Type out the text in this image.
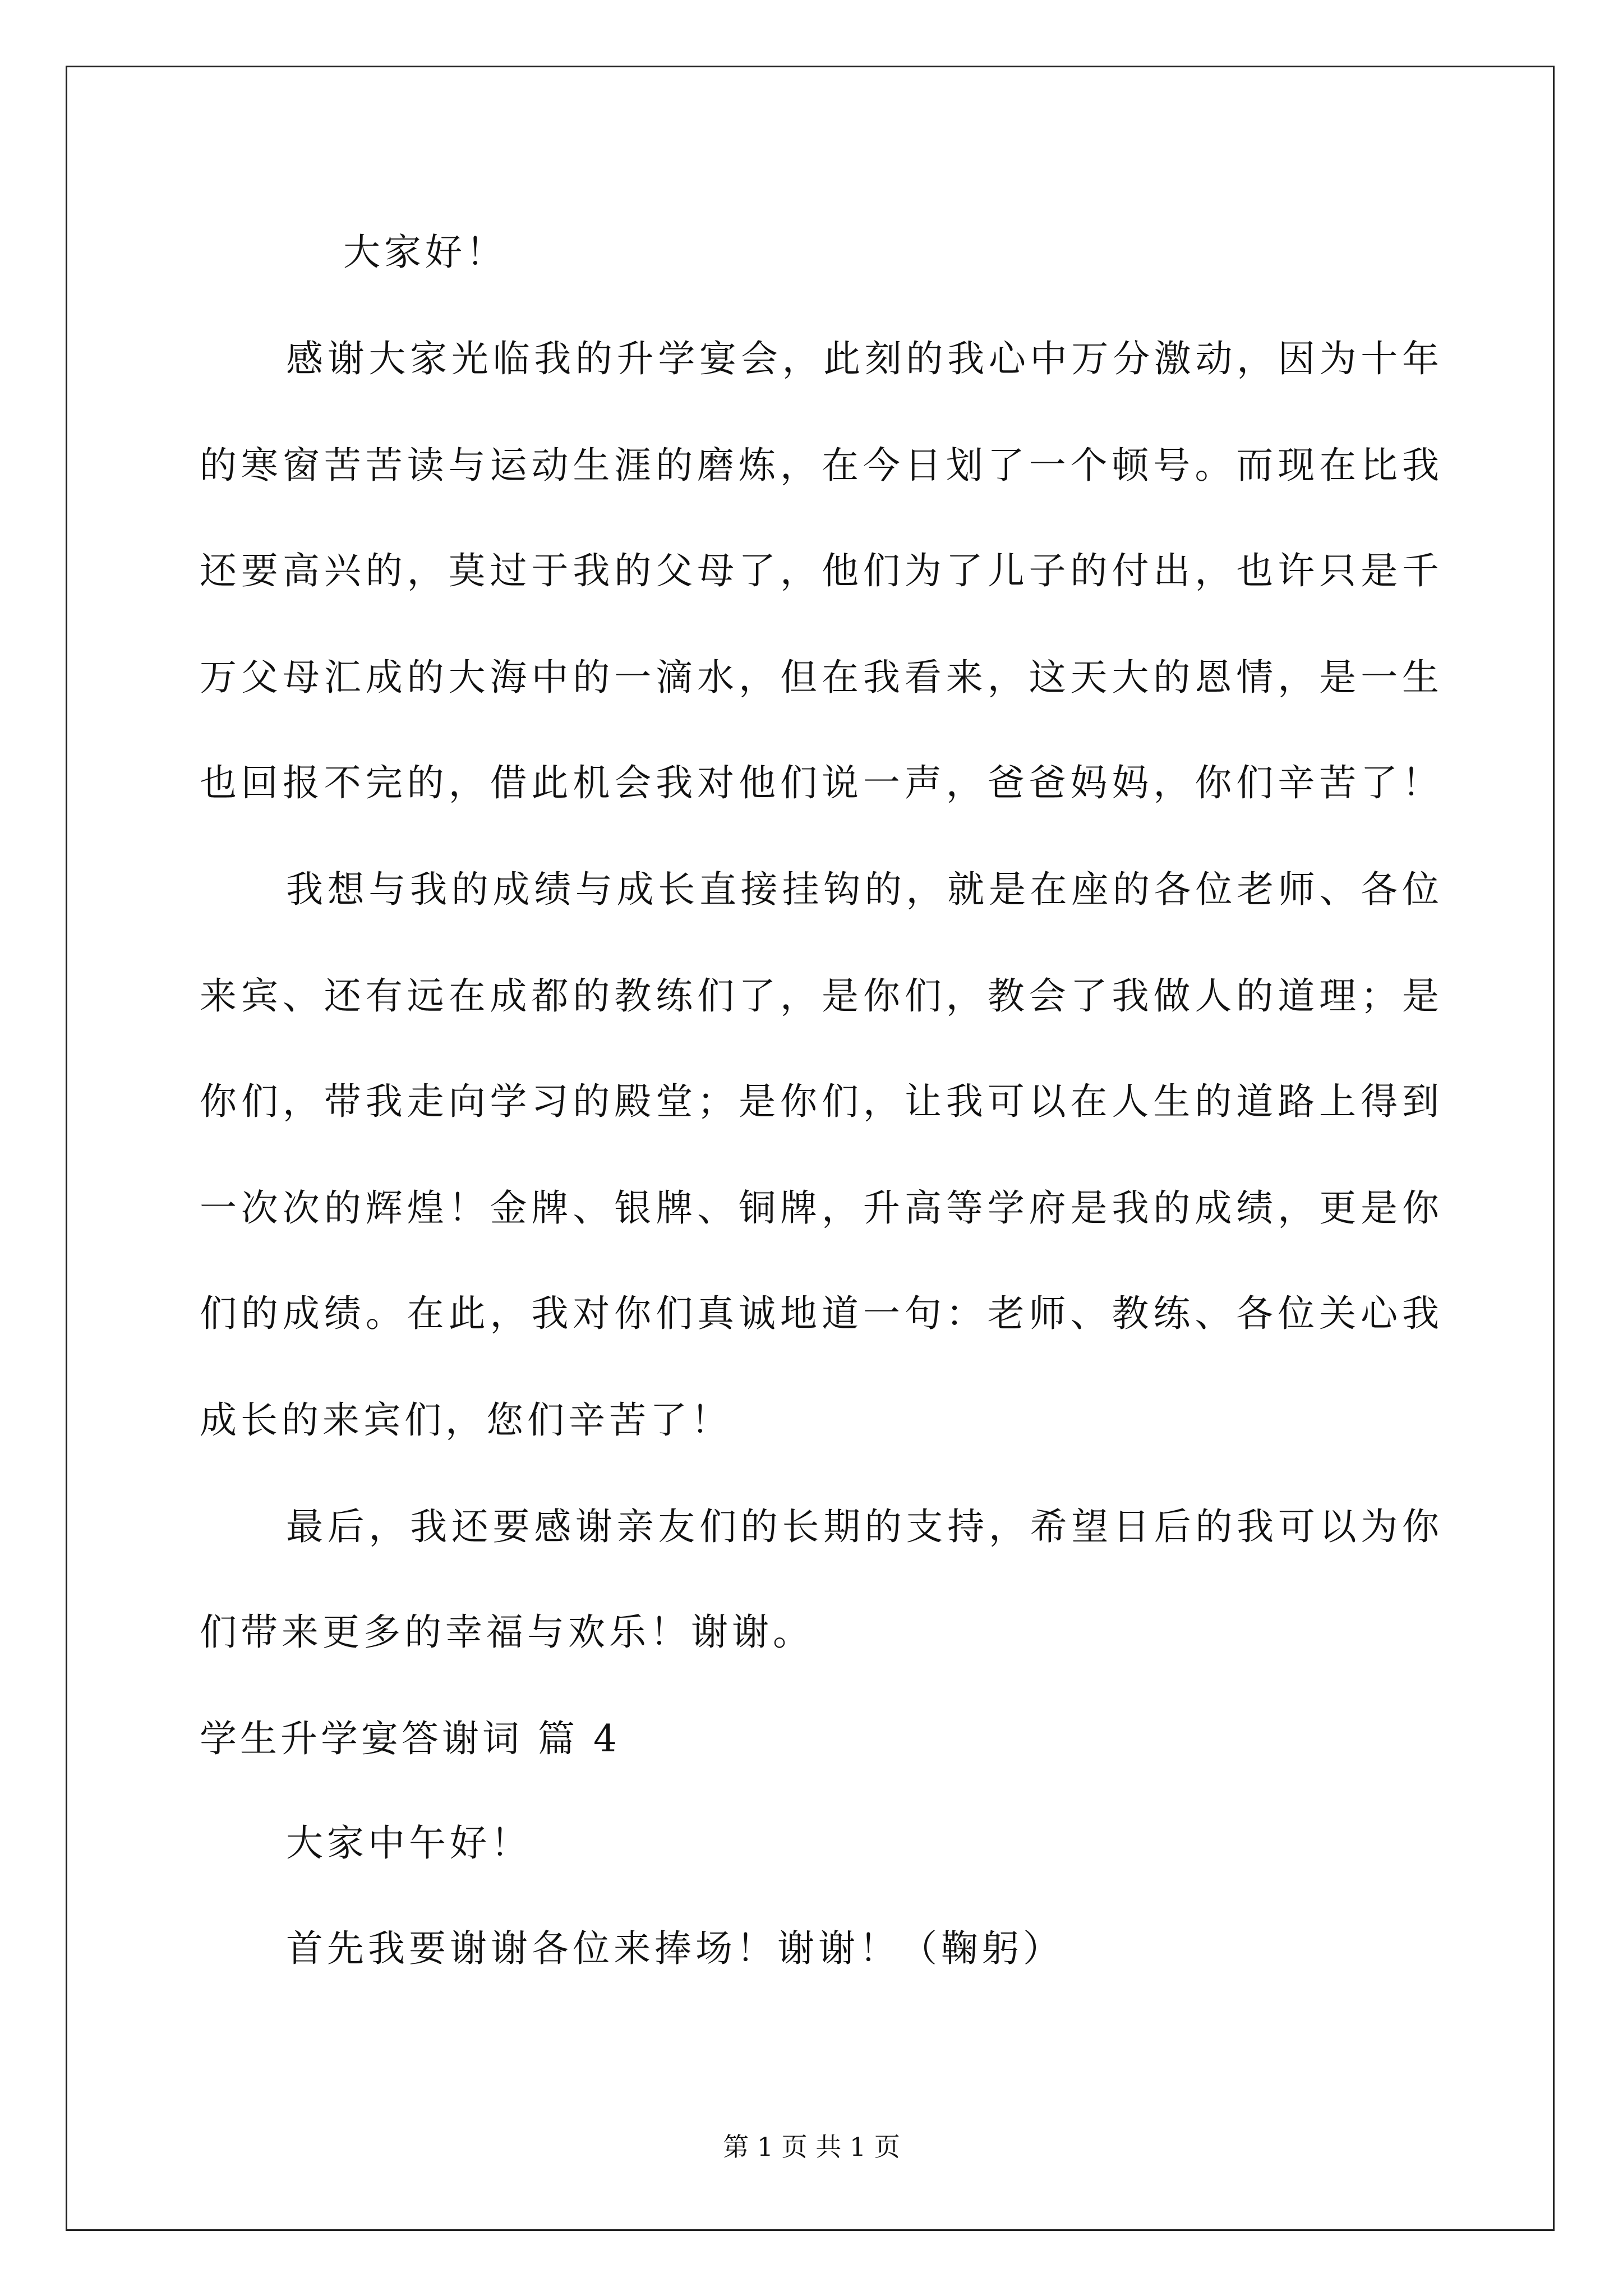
大家好！
感谢大家光临我的升学宴会，此刻的我心中万分激动，因为十年
的寒窗苦苦读与运动生涯的磨炼，在今日划了一个顿号。而现在比我
还要高兴的，莫过于我的父母了，他们为了儿子的付出，也许只是千
万父母汇成的大海中的一滴水，但在我看来，这天大的恩情，是一生
也回报不完的，借此机会我对他们说一声，爸爸妈妈，你们辛苦了！
我想与我的成绩与成长直接挂钩的，就是在座的各位老师、各位
来宾、还有远在成都的教练们了，是你们，教会了我做人的道理；是
你们，带我走向学习的殿堂；是你们，让我可以在人生的道路上得到
一次次的辉煌！金牌、银牌、铜牌，升高等学府是我的成绩，更是你
们的成绩。在此，我对你们真诚地道一句：老师、教练、各位关心我
成长的来宾们，您们辛苦了！
最后，我还要感谢亲友们的长期的支持，希望日后的我可以为你
们带来更多的幸福与欢乐！谢谢。
学生升学宴答谢词 篇 4
大家中午好！
首先我要谢谢各位来捧场！谢谢！（鞠躬）
第 1 页 共 1 页
